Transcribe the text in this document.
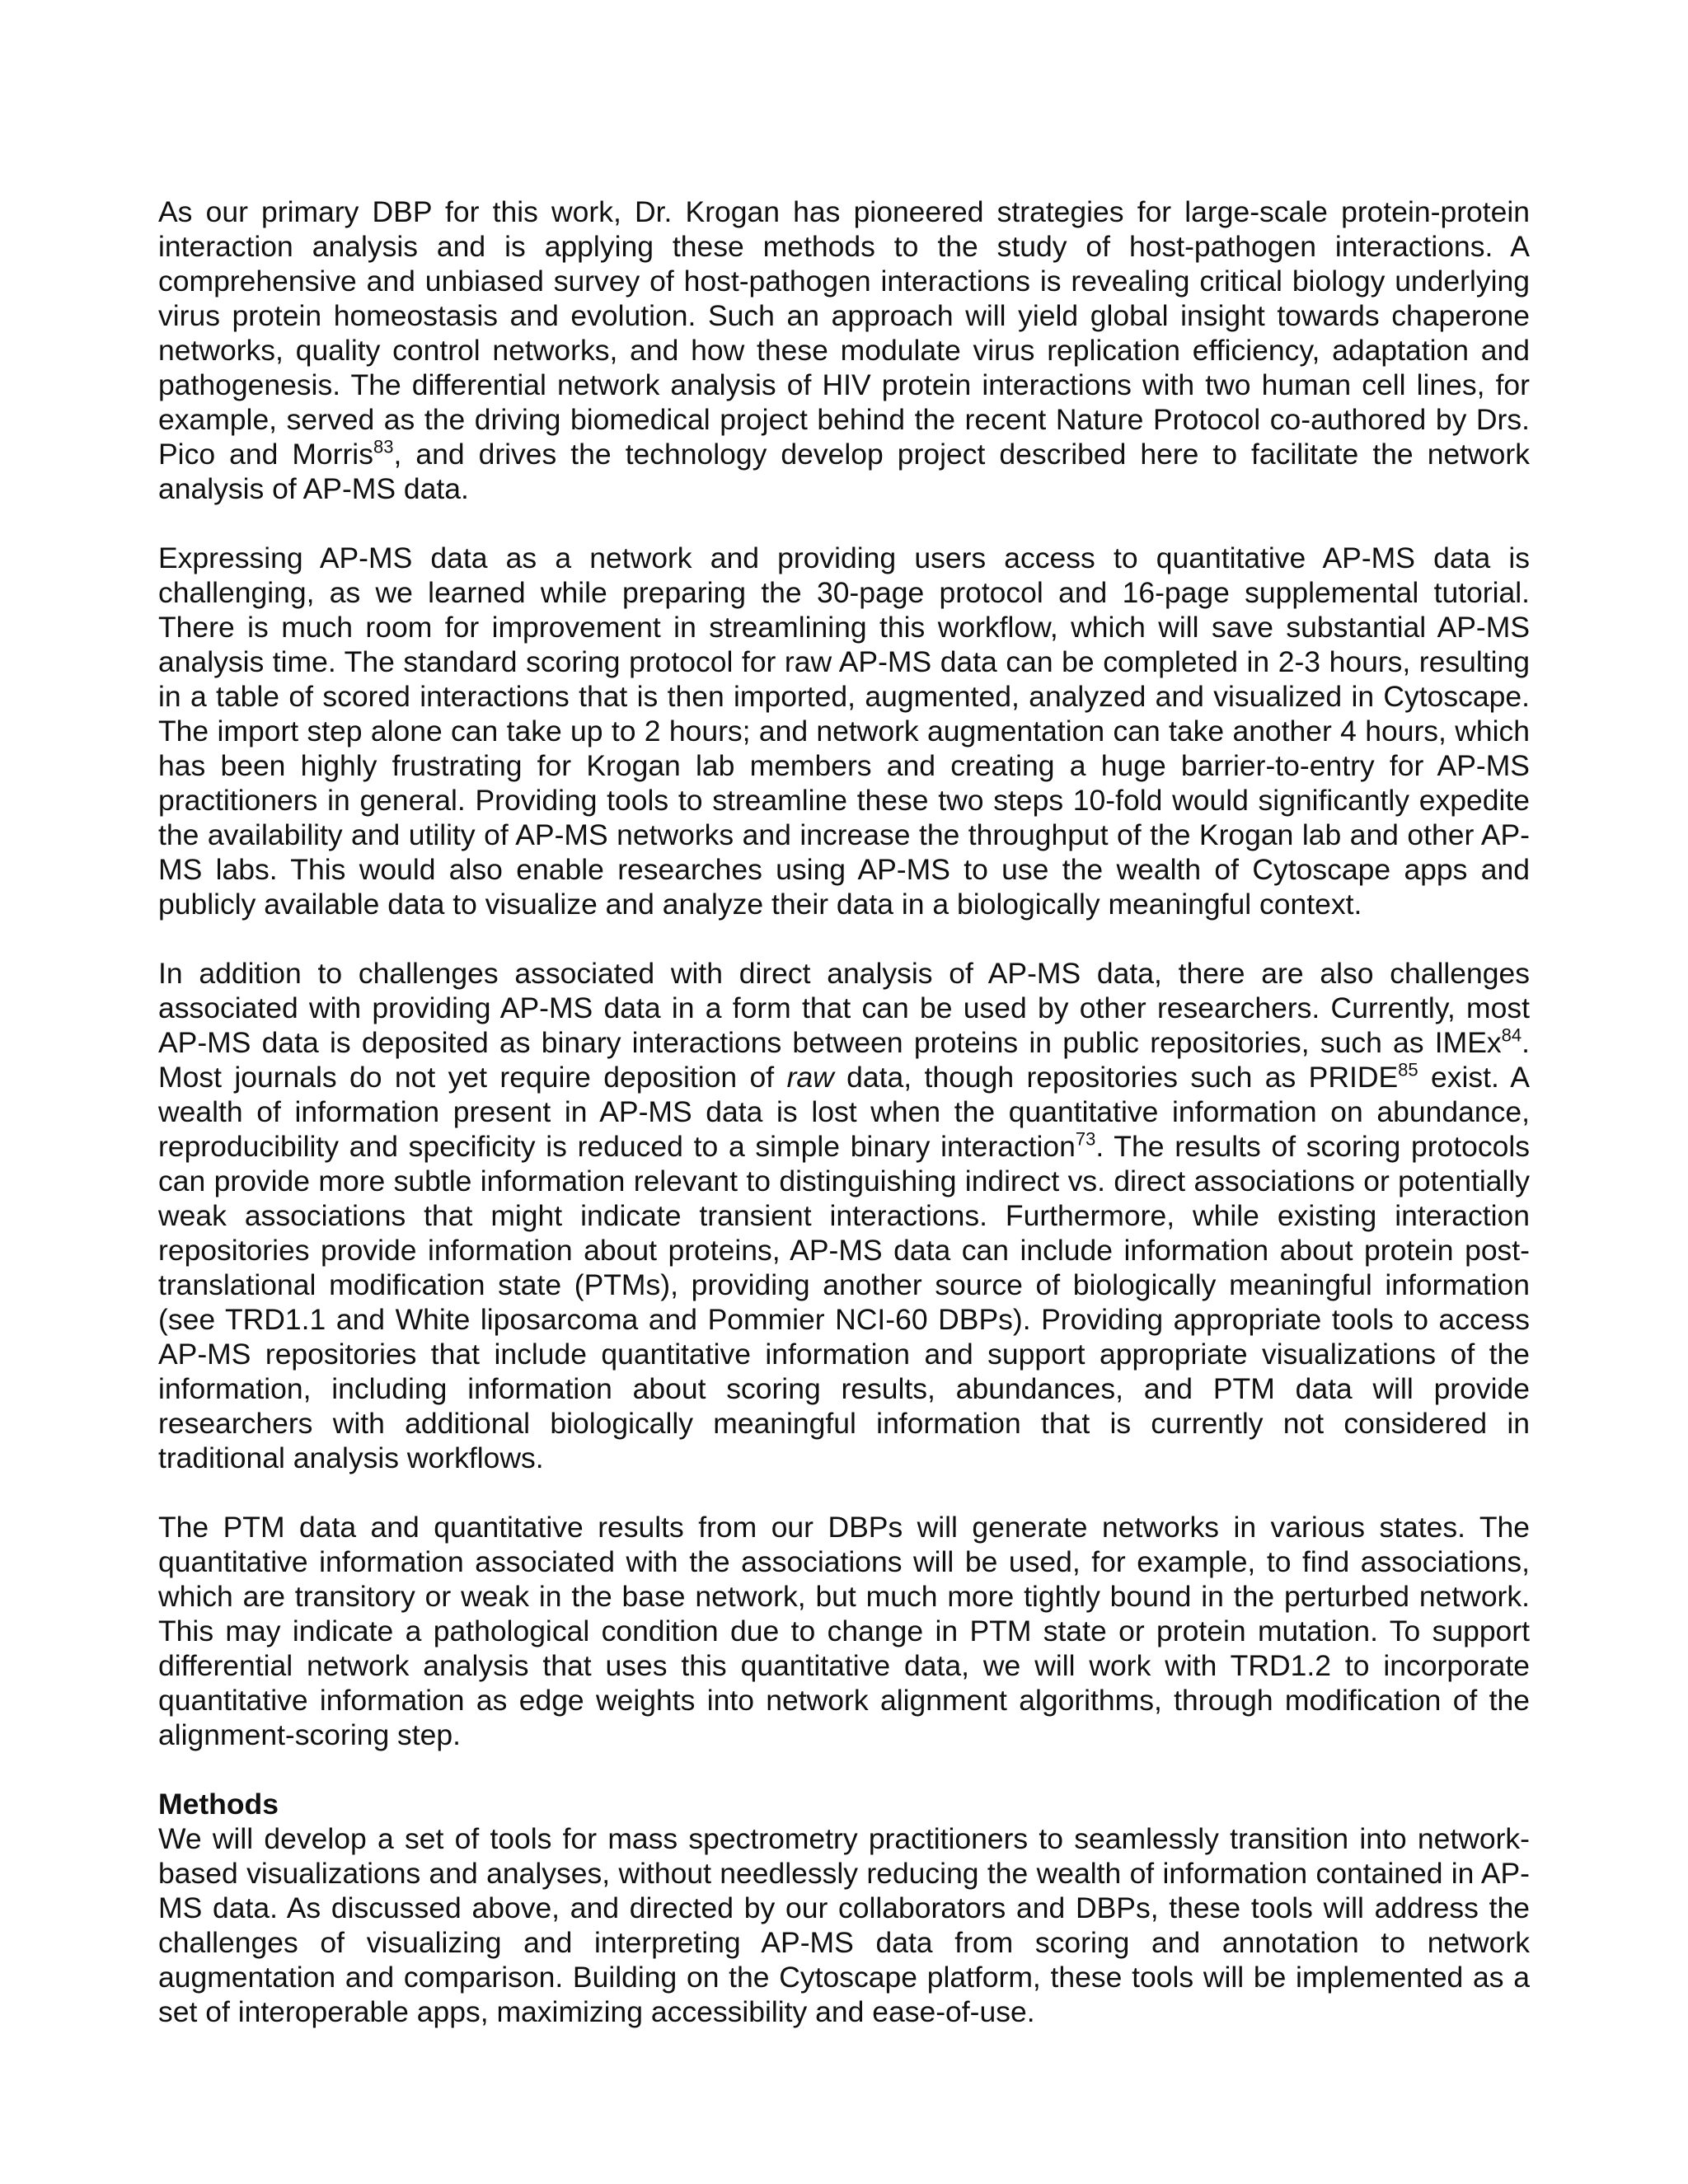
As our primary DBP for this work, Dr. Krogan has pioneered strategies for large-scale protein-protein interaction analysis and is applying these methods to the study of host-pathogen interactions. A comprehensive and unbiased survey of host-pathogen interactions is revealing critical biology underlying virus protein homeostasis and evolution. Such an approach will yield global insight towards chaperone networks, quality control networks, and how these modulate virus replication efficiency, adaptation and pathogenesis. The differential network analysis of HIV protein interactions with two human cell lines, for example, served as the driving biomedical project behind the recent Nature Protocol co-authored by Drs. Pico and Morris$^{83}$, and drives the technology develop project described here to facilitate the network analysis of AP-MS data.

Expressing AP-MS data as a network and providing users access to quantitative AP-MS data is challenging, as we learned while preparing the 30-page protocol and 16-page supplemental tutorial. There is much room for improvement in streamlining this workflow, which will save substantial AP-MS analysis time. The standard scoring protocol for raw AP-MS data can be completed in 2-3 hours, resulting in a table of scored interactions that is then imported, augmented, analyzed and visualized in Cytoscape. The import step alone can take up to 2 hours; and network augmentation can take another 4 hours, which has been highly frustrating for Krogan lab members and creating a huge barrier-to-entry for AP-MS practitioners in general. Providing tools to streamline these two steps 10-fold would significantly expedite the availability and utility of AP-MS networks and increase the throughput of the Krogan lab and other AP-MS labs. This would also enable researches using AP-MS to use the wealth of Cytoscape apps and publicly available data to visualize and analyze their data in a biologically meaningful context.

In addition to challenges associated with direct analysis of AP-MS data, there are also challenges associated with providing AP-MS data in a form that can be used by other researchers. Currently, most AP-MS data is deposited as binary interactions between proteins in public repositories, such as IMEx$^{84}$. Most journals do not yet require deposition of raw data, though repositories such as PRIDE$^{85}$ exist. A wealth of information present in AP-MS data is lost when the quantitative information on abundance, reproducibility and specificity is reduced to a simple binary interaction$^{73}$. The results of scoring protocols can provide more subtle information relevant to distinguishing indirect vs. direct associations or potentially weak associations that might indicate transient interactions. Furthermore, while existing interaction repositories provide information about proteins, AP-MS data can include information about protein post-translational modification state (PTMs), providing another source of biologically meaningful information (see TRD1.1 and White liposarcoma and Pommier NCI-60 DBPs). Providing appropriate tools to access AP-MS repositories that include quantitative information and support appropriate visualizations of the information, including information about scoring results, abundances, and PTM data will provide researchers with additional biologically meaningful information that is currently not considered in traditional analysis workflows.

The PTM data and quantitative results from our DBPs will generate networks in various states. The quantitative information associated with the associations will be used, for example, to find associations, which are transitory or weak in the base network, but much more tightly bound in the perturbed network. This may indicate a pathological condition due to change in PTM state or protein mutation. To support differential network analysis that uses this quantitative data, we will work with TRD1.2 to incorporate quantitative information as edge weights into network alignment algorithms, through modification of the alignment-scoring step.

Methods

We will develop a set of tools for mass spectrometry practitioners to seamlessly transition into network-based visualizations and analyses, without needlessly reducing the wealth of information contained in AP-MS data. As discussed above, and directed by our collaborators and DBPs, these tools will address the challenges of visualizing and interpreting AP-MS data from scoring and annotation to network augmentation and comparison. Building on the Cytoscape platform, these tools will be implemented as a set of interoperable apps, maximizing accessibility and ease-of-use.
